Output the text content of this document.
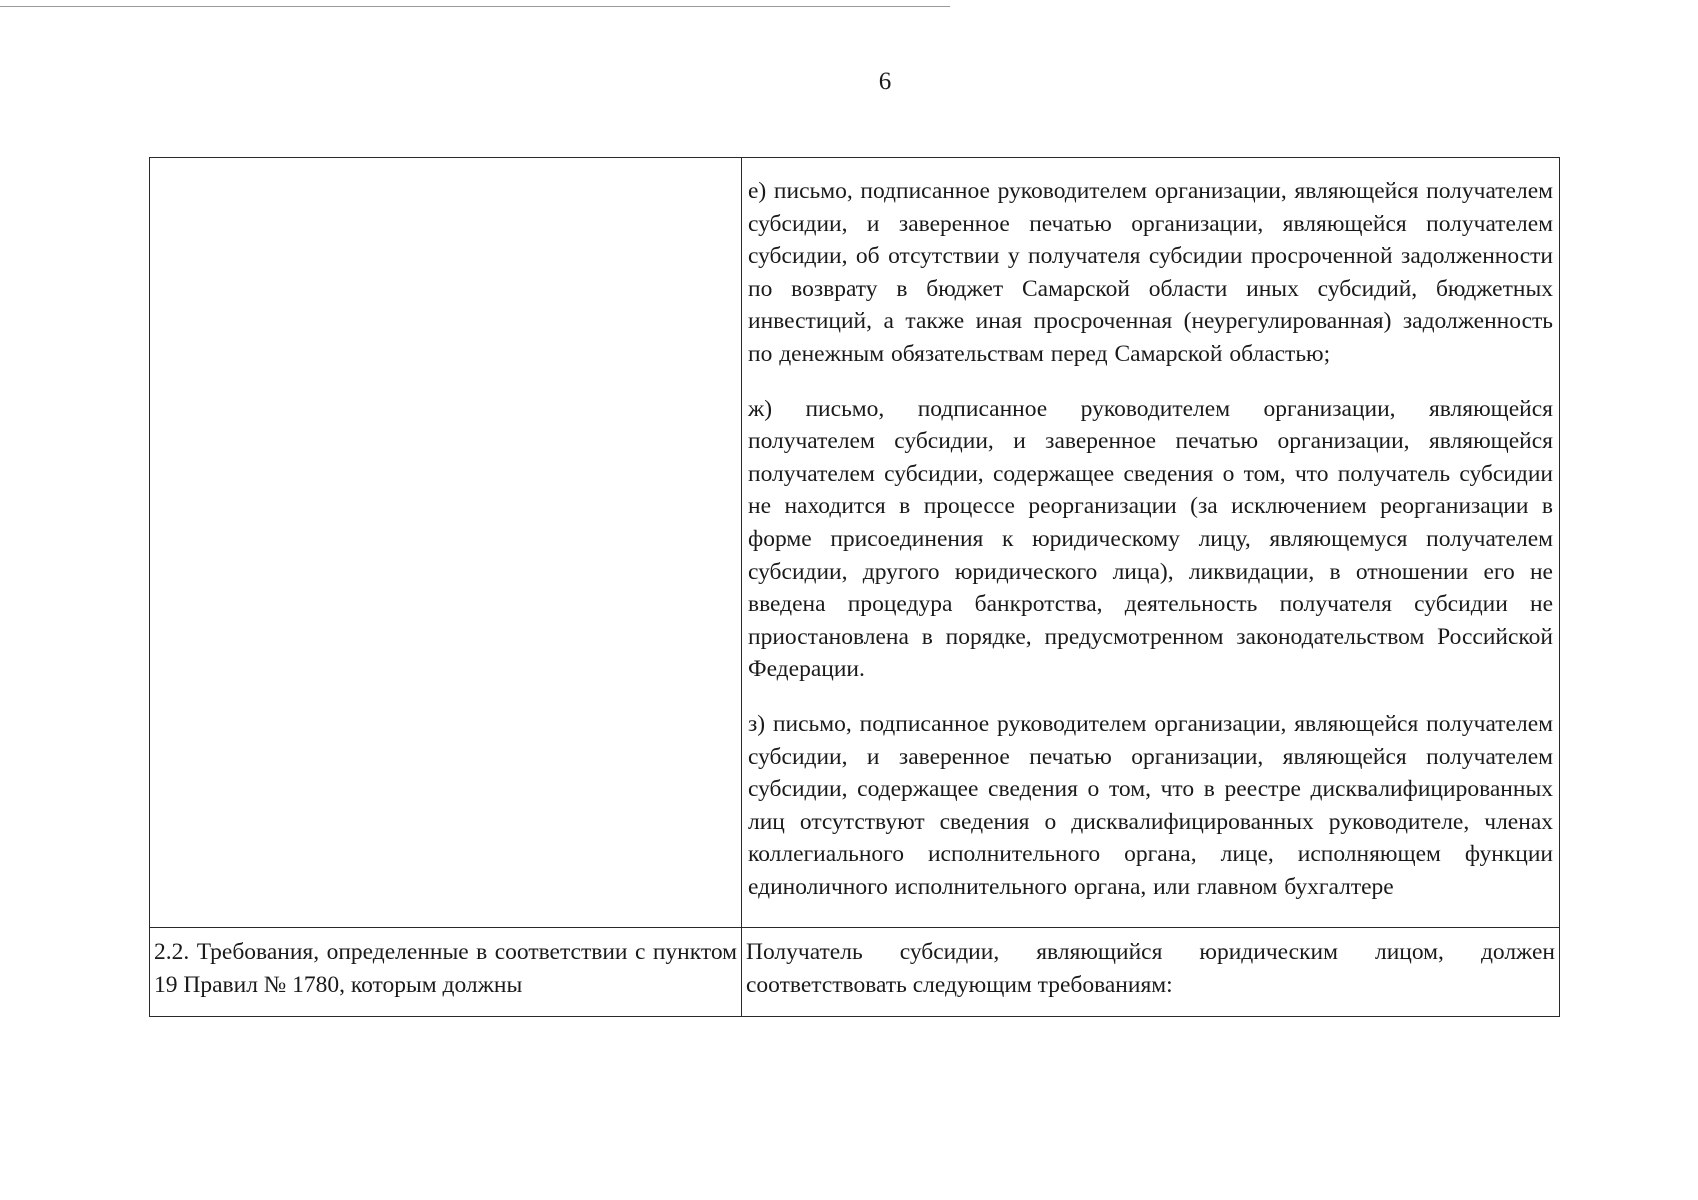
6

	е) письмо, подписанное руководителем организации, являющейся получателем субсидии, и заверенное печатью организации, являющейся получателем субсидии, об отсутствии у получателя субсидии просроченной задолженности по возврату в бюджет Самарской области иных субсидий, бюджетных инвестиций, а также иная просроченная (неурегулированная) задолженность по денежным обязательствам перед Самарской областью;

ж) письмо, подписанное руководителем организации, являющейся получателем субсидии, и заверенное печатью организации, являющейся получателем субсидии, содержащее сведения о том, что получатель субсидии не находится в процессе реорганизации (за исключением реорганизации в форме присоединения к юридическому лицу, являющемуся получателем субсидии, другого юридического лица), ликвидации, в отношении его не введена процедура банкротства, деятельность получателя субсидии не приостановлена в порядке, предусмотренном законодательством Российской Федерации.

з) письмо, подписанное руководителем организации, являющейся получателем субсидии, и заверенное печатью организации, являющейся получателем субсидии, содержащее сведения о том, что в реестре дисквалифицированных лиц отсутствуют сведения о дисквалифицированных руководителе, членах коллегиального исполнительного органа, лице, исполняющем функции единоличного исполнительного органа, или главном бухгалтере

2.2. Требования, определенные в соответствии с пунктом 19 Правил № 1780, которым должны	Получатель субсидии, являющийся юридическим лицом, должен соответствовать следующим требованиям:
